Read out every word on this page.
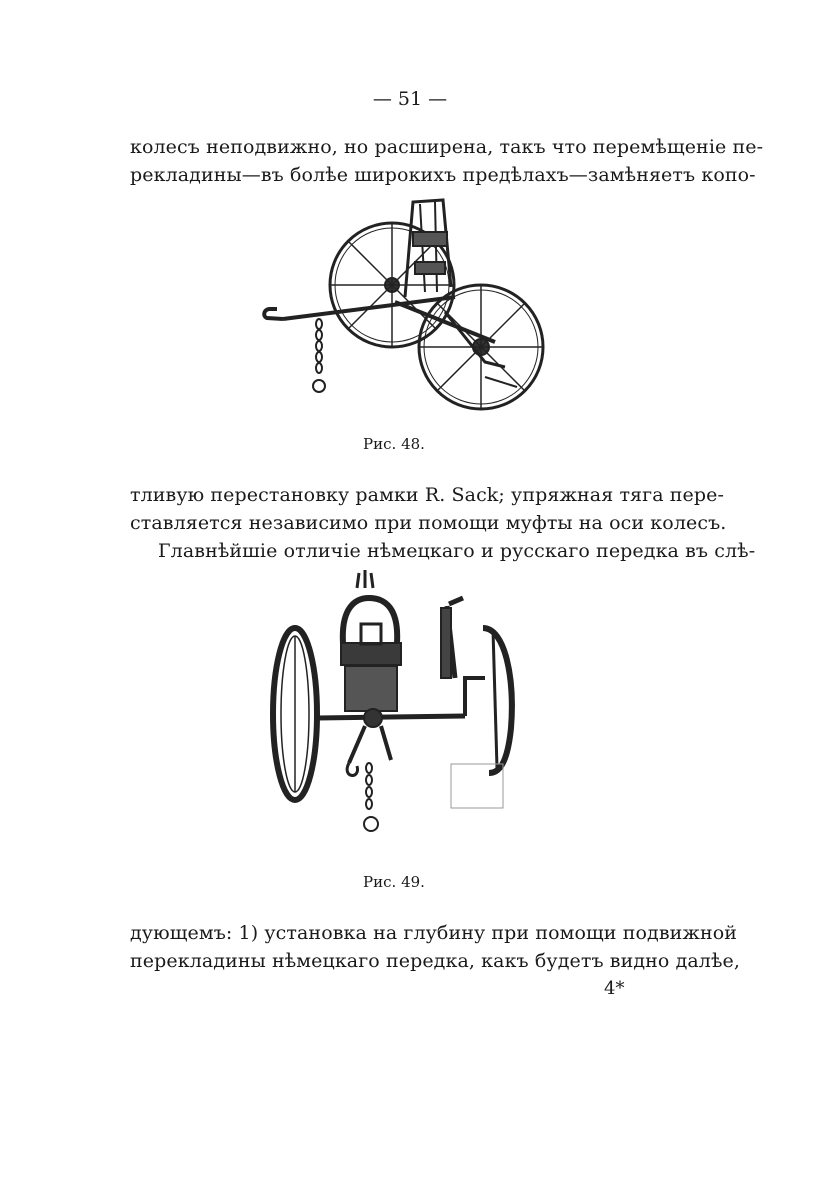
— 51 —
колесъ неподвижно, но расширена, такъ что перемѣщеніе пе-
рекладины—въ болѣе широкихъ предѣлахъ—замѣняетъ копо-
Рис. 48.
тливую перестановку рамки R. Sack; упряжная тяга пере-
ставляется независимо при помощи муфты на оси колесъ.
Главнѣйшіе отличіе нѣмецкаго и русскаго передка въ слѣ-
Рис. 49.
дующемъ: 1) установка на глубину при помощи подвижной
перекладины нѣмецкаго передка, какъ будетъ видно далѣе,
4*
